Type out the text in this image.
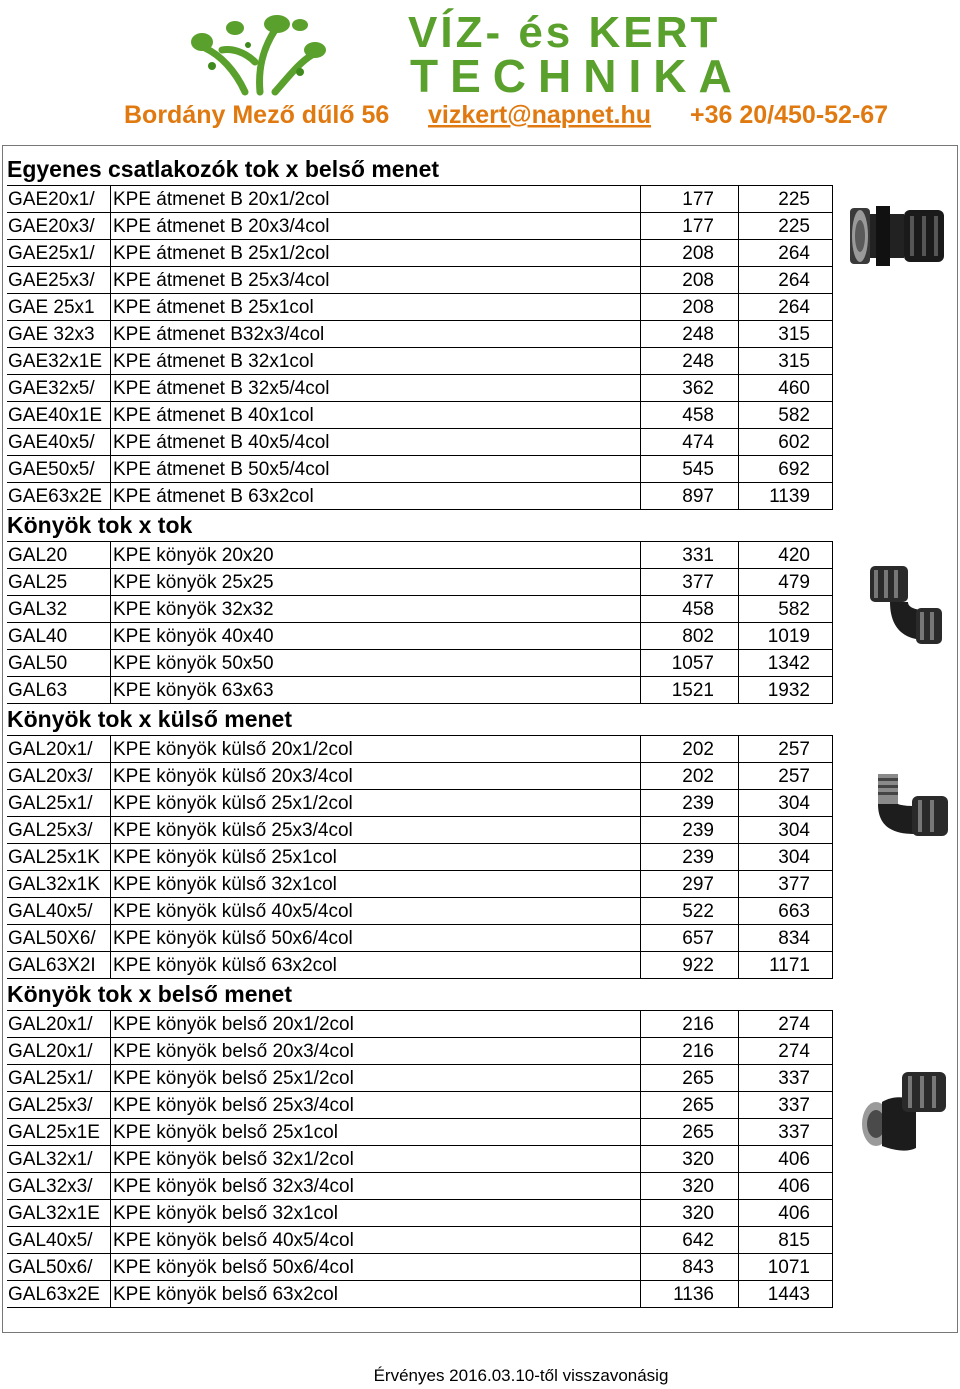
VÍZ- és KERT
TECHNIKA
Bordány Mező dűlő 56 vizkert@napnet.hu +36 20/450-52-67
Egyenes csatlakozók tok x belső menet
GAE20x1/ KPE átmenet B 20x1/2col	177	225
GAE20x3/ KPE átmenet B 20x3/4col	177	225
GAE25x1/ KPE átmenet B 25x1/2col	208	264
GAE25x3/ KPE átmenet B 25x3/4col	208	264
GAE 25x1 KPE átmenet B 25x1col	208	264
GAE 32x3 KPE átmenet B32x3/4col	248	315
GAE32x1E KPE átmenet B 32x1col	248	315
GAE32x5/ KPE átmenet B 32x5/4col	362	460
GAE40x1E KPE átmenet B 40x1col	458	582
GAE40x5/ KPE átmenet B 40x5/4col	474	602
GAE50x5/ KPE átmenet B 50x5/4col	545	692
GAE63x2E KPE átmenet B 63x2col	897	1139
Könyök tok x tok
GAL20	KPE könyök 20x20	331	420
GAL25	KPE könyök 25x25	377	479
GAL32	KPE könyök 32x32	458	582
GAL40	KPE könyök 40x40	802	1019
GAL50	KPE könyök 50x50	1057	1342
GAL63	KPE könyök 63x63	1521	1932
Könyök tok x külső menet
GAL20x1/	KPE könyök külső 20x1/2col	202	257
GAL20x3/	KPE könyök külső 20x3/4col	202	257
GAL25x1/	KPE könyök külső 25x1/2col	239	304
GAL25x3/	KPE könyök külső 25x3/4col	239	304
GAL25x1K KPE könyök külső 25x1col	239	304
GAL32x1K KPE könyök külső 32x1col	297	377
GAL40x5/	KPE könyök külső 40x5/4col	522	663
GAL50X6/ KPE könyök külső 50x6/4col	657	834
GAL63X2I KPE könyök külső 63x2col	922	1171
Könyök tok x belső menet
GAL20x1/	KPE könyök belső 20x1/2col	216	274
GAL20x1/	KPE könyök belső 20x3/4col	216	274
GAL25x1/	KPE könyök belső 25x1/2col	265	337
GAL25x3/	KPE könyök belső 25x3/4col	265	337
GAL25x1E KPE könyök belső 25x1col	265	337
GAL32x1/	KPE könyök belső 32x1/2col	320	406
GAL32x3/	KPE könyök belső 32x3/4col	320	406
GAL32x1E KPE könyök belső 32x1col	320	406
GAL40x5/	KPE könyök belső 40x5/4col	642	815
GAL50x6/	KPE könyök belső 50x6/4col	843	1071
GAL63x2E KPE könyök belső 63x2col	1136	1443
Érvényes 2016.03.10-től visszavonásig
